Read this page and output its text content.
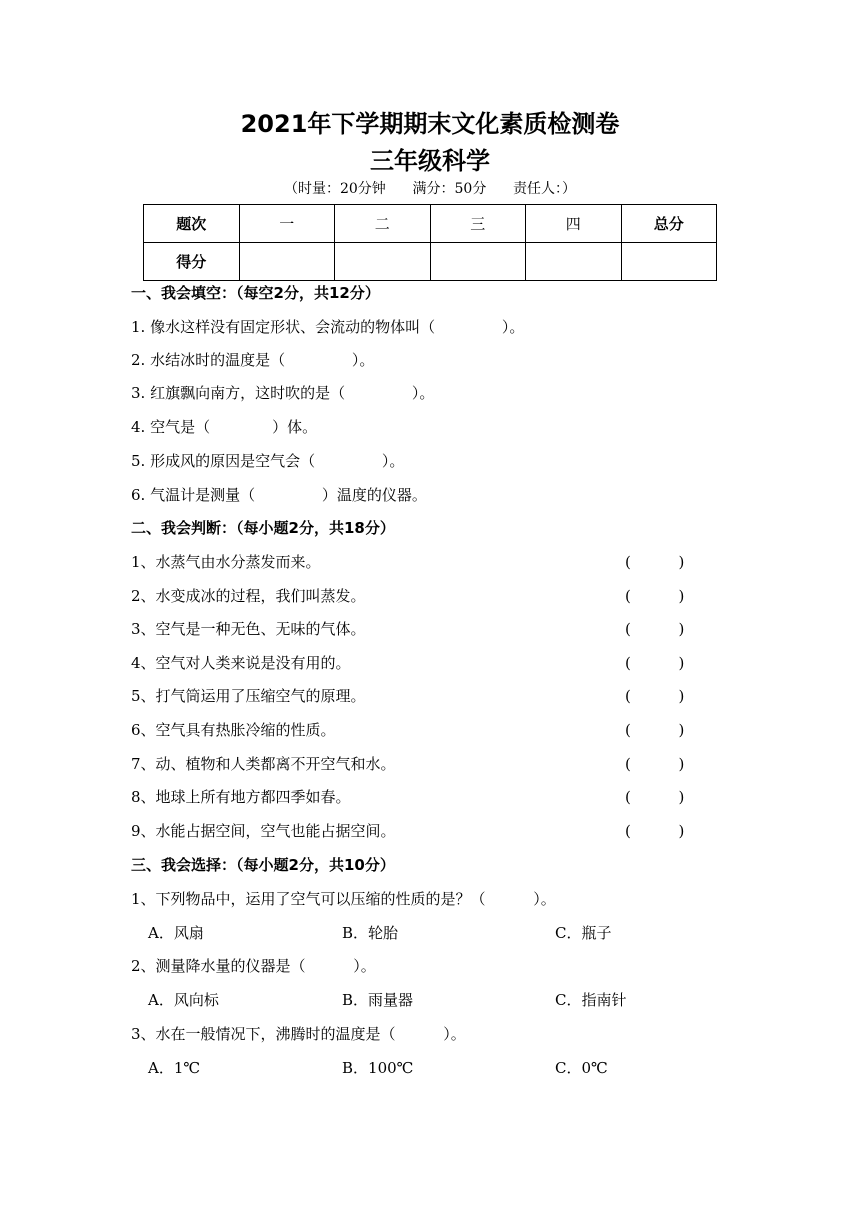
2021年下学期期末文化素质检测卷
三年级科学
（时量：20分钟      满分：50分      责任人：）
题次	一	二	三	四	总分
得分					
一、我会填空：（每空2分，共12分）
1. 像水这样没有固定形状、会流动的物体叫（              ）。
2. 水结冰时的温度是（              ）。
3. 红旗飘向南方，这时吹的是（              ）。
4. 空气是（             ）体。
5. 形成风的原因是空气会（              ）。
6. 气温计是测量（              ）温度的仪器。
二、我会判断：（每小题2分，共18分）
1、水蒸气由水分蒸发而来。	(          )
2、水变成冰的过程，我们叫蒸发。	(          )
3、空气是一种无色、无味的气体。	(          )
4、空气对人类来说是没有用的。	(          )
5、打气筒运用了压缩空气的原理。	(          )
6、空气具有热胀冷缩的性质。	(          )
7、动、植物和人类都离不开空气和水。	(          )
8、地球上所有地方都四季如春。	(          )
9、水能占据空间，空气也能占据空间。	(          )
三、我会选择：（每小题2分，共10分）
1、下列物品中，运用了空气可以压缩的性质的是？（          ）。
A．风扇	B．轮胎	C．瓶子
2、测量降水量的仪器是（          ）。
A．风向标	B．雨量器	C．指南针
3、水在一般情况下，沸腾时的温度是（          ）。
A．1℃	B．100℃	C．0℃
